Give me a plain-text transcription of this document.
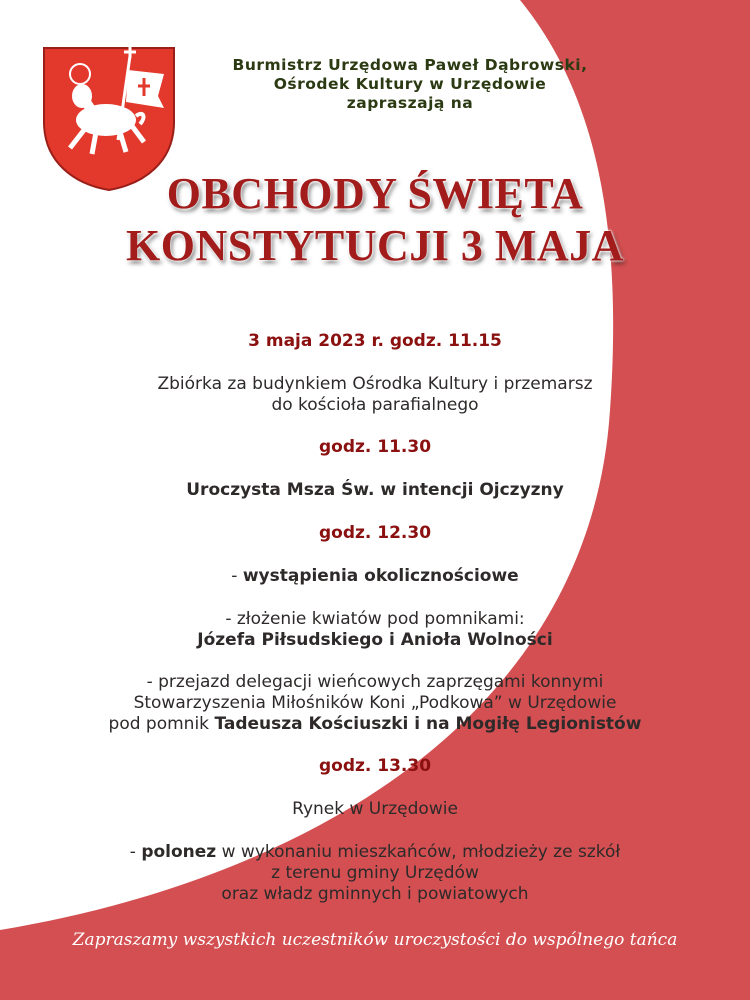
Burmistrz Urzędowa Paweł Dąbrowski,
Ośrodek Kultury w Urzędowie
zapraszają na
OBCHODY ŚWIĘTA
KONSTYTUCJI 3 MAJA
3 maja 2023 r. godz. 11.15
Zbiórka za budynkiem Ośrodka Kultury i przemarsz
do kościoła parafialnego
godz. 11.30
Uroczysta Msza Św. w intencji Ojczyzny
godz. 12.30
- wystąpienia okolicznościowe
- złożenie kwiatów pod pomnikami:
Józefa Piłsudskiego i Anioła Wolności
- przejazd delegacji wieńcowych zaprzęgami konnymi
Stowarzyszenia Miłośników Koni „Podkowa” w Urzędowie
pod pomnik Tadeusza Kościuszki i na Mogiłę Legionistów
godz. 13.30
Rynek w Urzędowie
- polonez w wykonaniu mieszkańców, młodzieży ze szkół
z terenu gminy Urzędów
oraz władz gminnych i powiatowych
Zapraszamy wszystkich uczestników uroczystości do wspólnego tańca
